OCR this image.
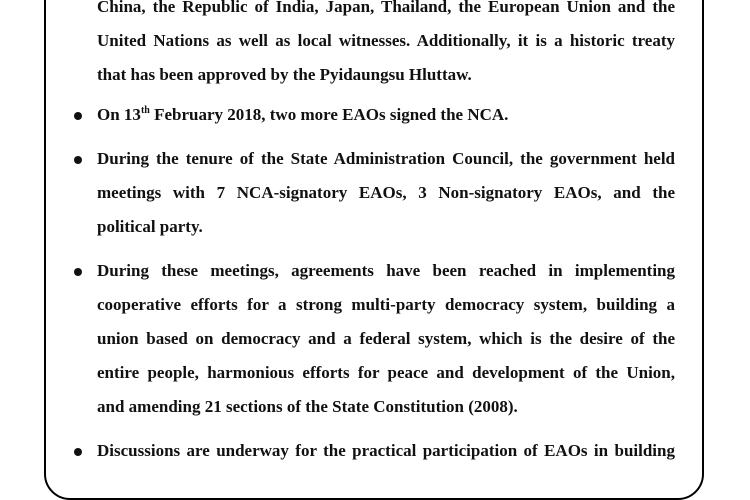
China, the Republic of India, Japan, Thailand, the European Union and the
United Nations as well as local witnesses. Additionally, it is a historic treaty
that has been approved by the Pyidaungsu Hluttaw.
On 13th February 2018, two more EAOs signed the NCA.
During the tenure of the State Administration Council, the government held
meetings with 7 NCA-signatory EAOs, 3 Non-signatory EAOs, and the
political party.
During these meetings, agreements have been reached in implementing
cooperative efforts for a strong multi-party democracy system, building a
union based on democracy and a federal system, which is the desire of the
entire people, harmonious efforts for peace and development of the Union,
and amending 21 sections of the State Constitution (2008).
Discussions are underway for the practical participation of EAOs in building
